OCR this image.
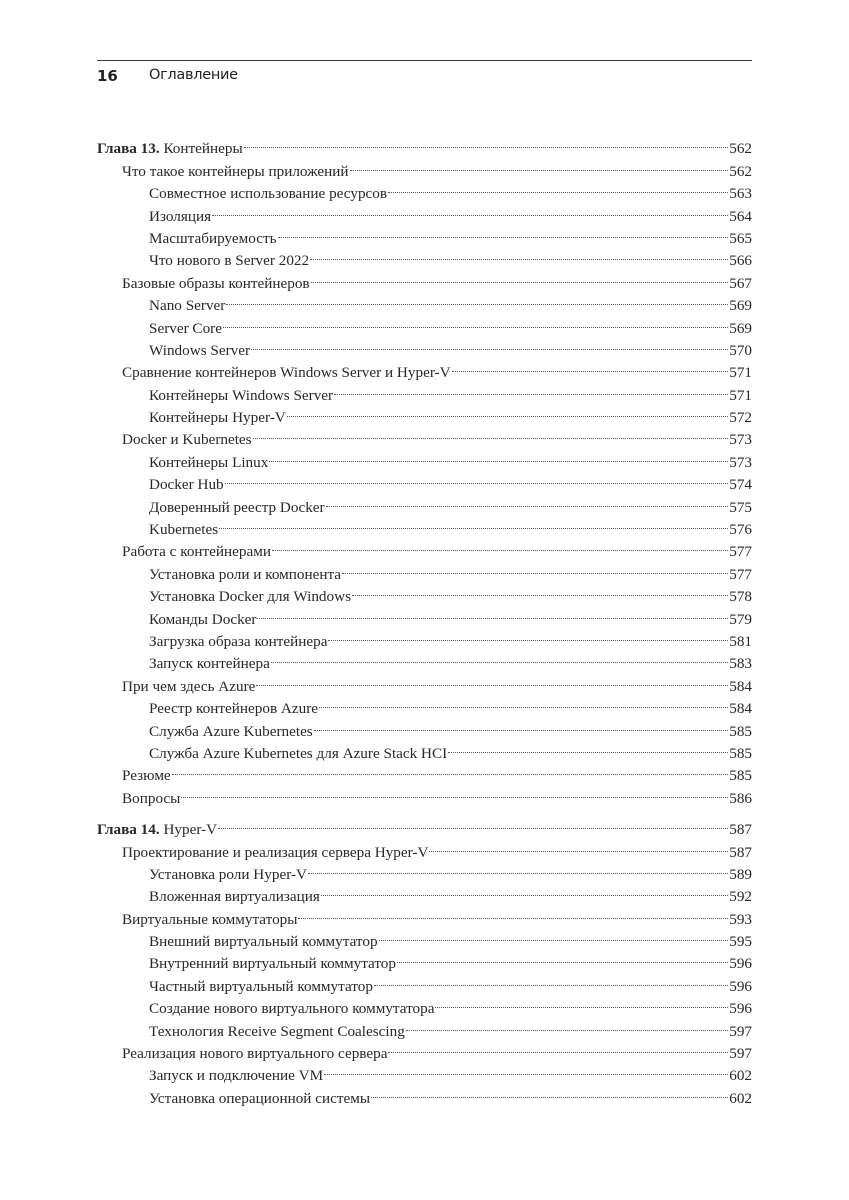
16 Оглавление
Глава 13. Контейнеры	562
Что такое контейнеры приложений	562
Совместное использование ресурсов	563
Изоляция	564
Масштабируемость	565
Что нового в Server 2022	566
Базовые образы контейнеров	567
Nano Server	569
Server Core	569
Windows Server	570
Сравнение контейнеров Windows Server и Hyper-V	571
Контейнеры Windows Server	571
Контейнеры Hyper-V	572
Docker и Kubernetes	573
Контейнеры Linux	573
Docker Hub	574
Доверенный реестр Docker	575
Kubernetes	576
Работа с контейнерами	577
Установка роли и компонента	577
Установка Docker для Windows	578
Команды Docker	579
Загрузка образа контейнера	581
Запуск контейнера	583
При чем здесь Azure	584
Реестр контейнеров Azure	584
Служба Azure Kubernetes	585
Служба Azure Kubernetes для Azure Stack HCI	585
Резюме	585
Вопросы	586
Глава 14. Hyper-V	587
Проектирование и реализация сервера Hyper-V	587
Установка роли Hyper-V	589
Вложенная виртуализация	592
Виртуальные коммутаторы	593
Внешний виртуальный коммутатор	595
Внутренний виртуальный коммутатор	596
Частный виртуальный коммутатор	596
Создание нового виртуального коммутатора	596
Технология Receive Segment Coalescing	597
Реализация нового виртуального сервера	597
Запуск и подключение VM	602
Установка операционной системы	602
